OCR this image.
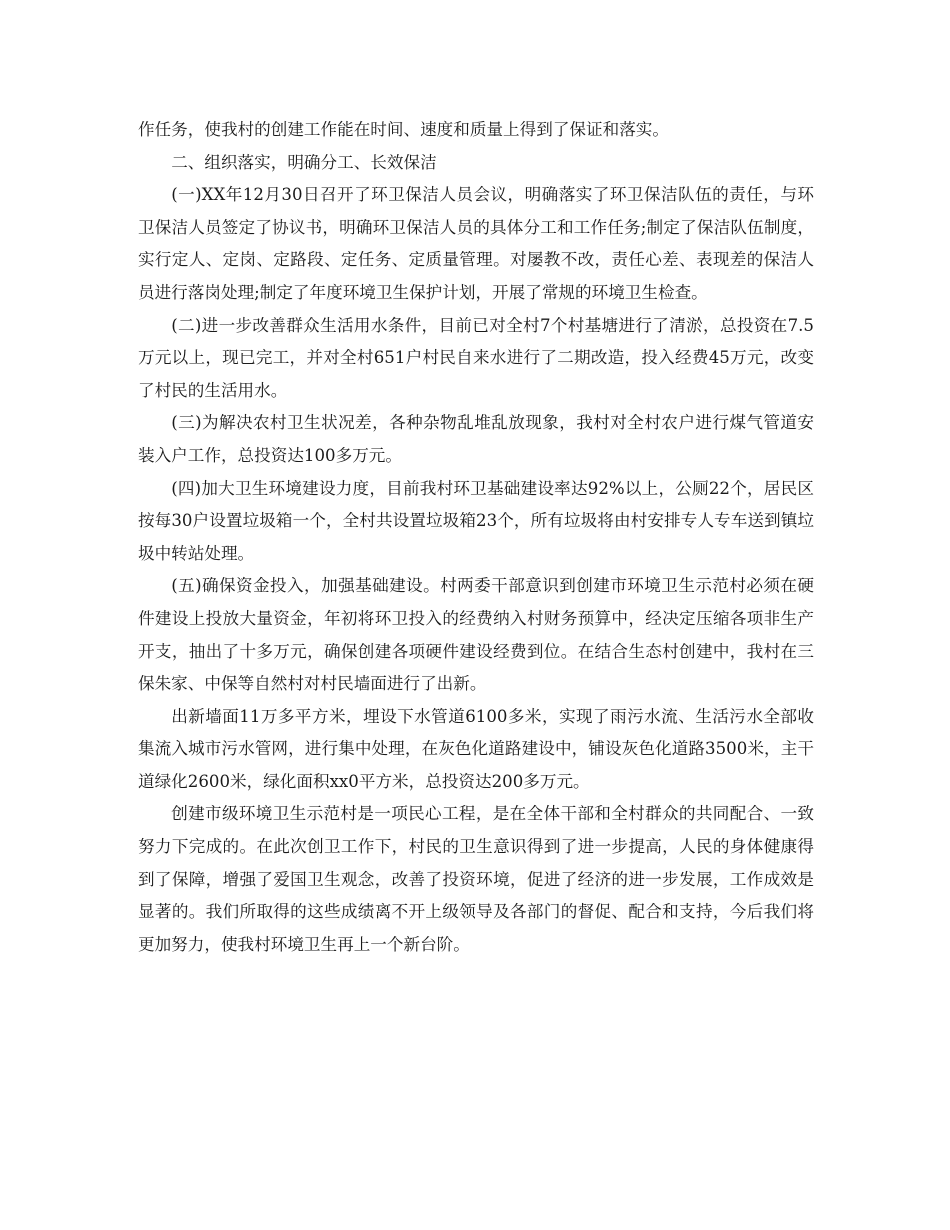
作任务，使我村的创建工作能在时间、速度和质量上得到了保证和落实。

二、组织落实，明确分工、长效保洁

(一)XX年12月30日召开了环卫保洁人员会议，明确落实了环卫保洁队伍的责任，与环卫保洁人员签定了协议书，明确环卫保洁人员的具体分工和工作任务;制定了保洁队伍制度，实行定人、定岗、定路段、定任务、定质量管理。对屡教不改，责任心差、表现差的保洁人员进行落岗处理;制定了年度环境卫生保护计划，开展了常规的环境卫生检查。

(二)进一步改善群众生活用水条件，目前已对全村7个村基塘进行了清淤，总投资在7.5万元以上，现已完工，并对全村651户村民自来水进行了二期改造，投入经费45万元，改变了村民的生活用水。

(三)为解决农村卫生状况差，各种杂物乱堆乱放现象，我村对全村农户进行煤气管道安装入户工作，总投资达100多万元。

(四)加大卫生环境建设力度，目前我村环卫基础建设率达92%以上，公厕22个，居民区按每30户设置垃圾箱一个，全村共设置垃圾箱23个，所有垃圾将由村安排专人专车送到镇垃圾中转站处理。

(五)确保资金投入，加强基础建设。村两委干部意识到创建市环境卫生示范村必须在硬件建设上投放大量资金，年初将环卫投入的经费纳入村财务预算中，经决定压缩各项非生产开支，抽出了十多万元，确保创建各项硬件建设经费到位。在结合生态村创建中，我村在三保朱家、中保等自然村对村民墙面进行了出新。

出新墙面11万多平方米，埋设下水管道6100多米，实现了雨污水流、生活污水全部收集流入城市污水管网，进行集中处理，在灰色化道路建设中，铺设灰色化道路3500米，主干道绿化2600米，绿化面积xx0平方米，总投资达200多万元。

创建市级环境卫生示范村是一项民心工程，是在全体干部和全村群众的共同配合、一致努力下完成的。在此次创卫工作下，村民的卫生意识得到了进一步提高，人民的身体健康得到了保障，增强了爱国卫生观念，改善了投资环境，促进了经济的进一步发展，工作成效是显著的。我们所取得的这些成绩离不开上级领导及各部门的督促、配合和支持，今后我们将更加努力，使我村环境卫生再上一个新台阶。
